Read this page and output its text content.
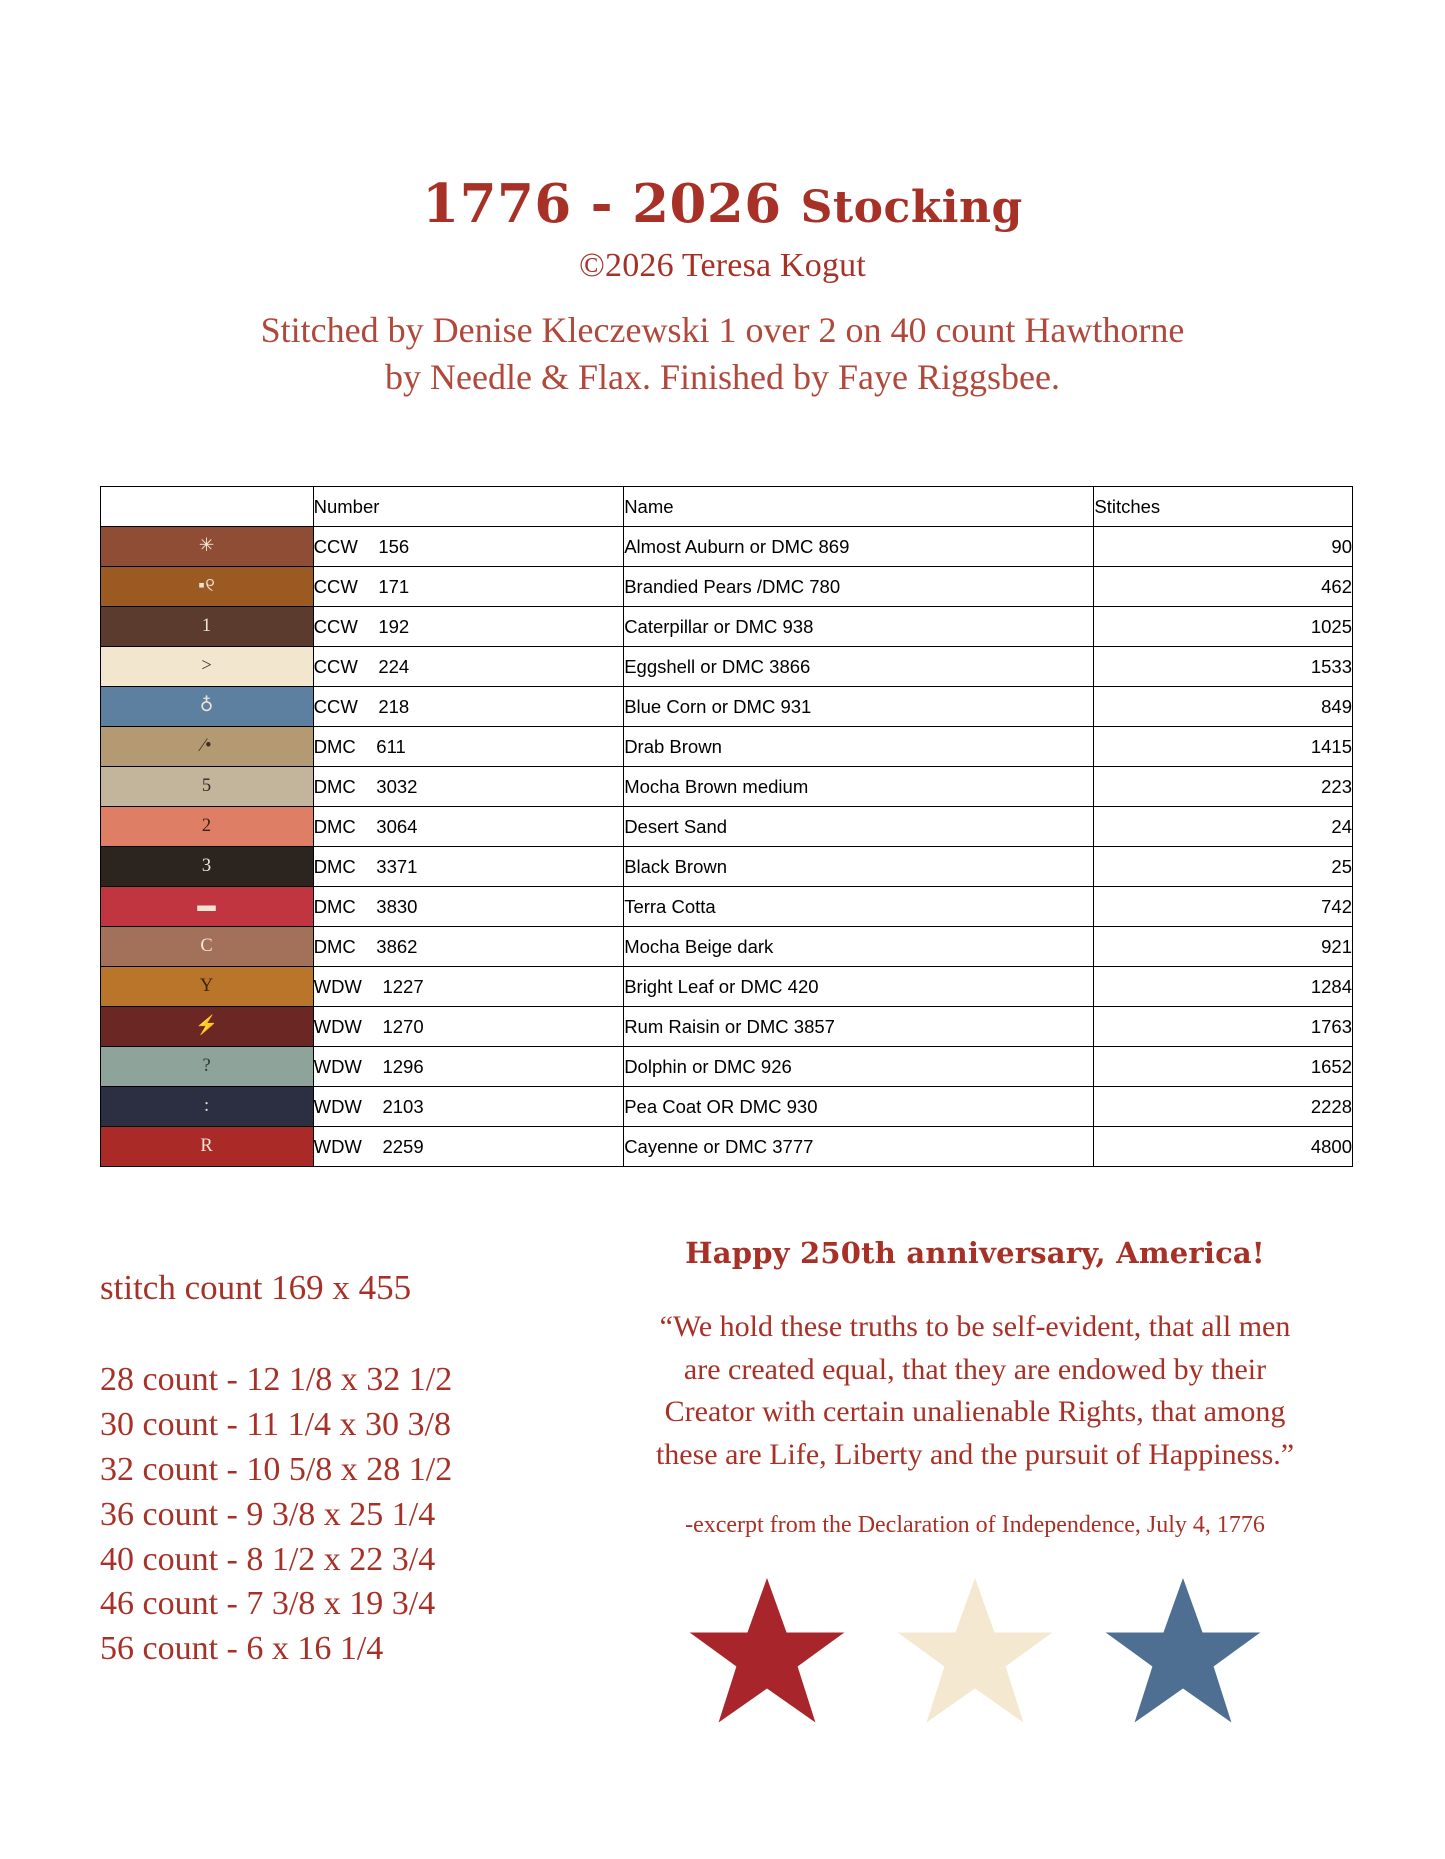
1776 - 2026 Stocking
©2026 Teresa Kogut
Stitched by Denise Kleczewski 1 over 2 on 40 count Hawthorne
by Needle & Flax. Finished by Faye Riggsbee.
	Number	Name	Stitches
✳	CCW    156	Almost Auburn or DMC 869	90
▪୧	CCW    171	Brandied Pears /DMC 780	462
1	CCW    192	Caterpillar or DMC 938	1025
>	CCW    224	Eggshell or DMC 3866	1533
♁	CCW    218	Blue Corn or DMC 931	849
⁄•	DMC    611	Drab Brown	1415
5	DMC    3032	Mocha Brown medium	223
2	DMC    3064	Desert Sand	24
3	DMC    3371	Black Brown	25
▬	DMC    3830	Terra Cotta	742
C	DMC    3862	Mocha Beige dark	921
Y	WDW    1227	Bright Leaf or DMC 420	1284
⚡	WDW    1270	Rum Raisin or DMC 3857	1763
?	WDW    1296	Dolphin or DMC 926	1652
:	WDW    2103	Pea Coat OR DMC 930	2228
R	WDW    2259	Cayenne or DMC 3777	4800
stitch count 169 x 455
28 count - 12 1/8 x 32 1/2
30 count - 11 1/4 x 30 3/8
32 count - 10 5/8 x 28 1/2
36 count - 9 3/8 x 25 1/4
40 count - 8 1/2 x 22 3/4
46 count - 7 3/8 x 19 3/4
56 count - 6 x 16 1/4
Happy 250th anniversary, America!
“We hold these truths to be self-evident, that all men
are created equal, that they are endowed by their
Creator with certain unalienable Rights, that among
these are Life, Liberty and the pursuit of Happiness.”
-excerpt from the Declaration of Independence, July 4, 1776
